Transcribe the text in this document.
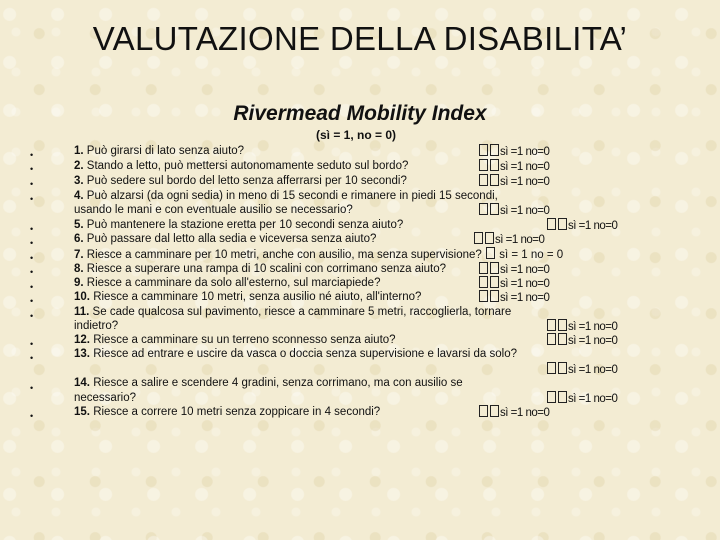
VALUTAZIONE DELLA DISABILITA’
Rivermead Mobility Index
(sì = 1, no = 0)
•	1. Può girarsi di lato senza aiuto?	sì =1 no=0
•	2. Stando a letto, può mettersi autonomamente seduto sul bordo?	sì =1 no=0
•	3. Può sedere sul bordo del letto senza afferrarsi per 10 secondi?	sì =1 no=0
•	4. Può alzarsi (da ogni sedia) in meno di 15 secondi e rimanere in piedi 15 secondi,
usando le mani e con eventuale ausilio se necessario?	sì =1 no=0
•	5. Può mantenere la stazione eretta per 10 secondi senza aiuto?	sì =1 no=0
•	6. Può passare dal letto alla sedia e viceversa senza aiuto?	sì =1 no=0
•	7. Riesce a camminare per 10 metri, anche con ausilio, ma senza supervisione?  sì = 1 no = 0
•	8. Riesce a superare una rampa di 10 scalini con corrimano senza aiuto?	sì =1 no=0
•	9. Riesce a camminare da solo all'esterno, sul marciapiede?	sì =1 no=0
•	10. Riesce a camminare 10 metri, senza ausilio né aiuto, all'interno?	sì =1 no=0
•	11. Se cade qualcosa sul pavimento, riesce a camminare 5 metri, raccoglierla, tornare
indietro?	sì =1 no=0
•	12. Riesce a camminare su un terreno sconnesso senza aiuto?	sì =1 no=0
•	13. Riesce ad entrare e uscire da vasca o doccia senza supervisione e lavarsi da solo?
sì =1 no=0
•	14. Riesce a salire e scendere 4 gradini, senza corrimano, ma con ausilio se
necessario?	sì =1 no=0
•	15. Riesce a correre 10 metri senza zoppicare in 4 secondi?	sì =1 no=0
